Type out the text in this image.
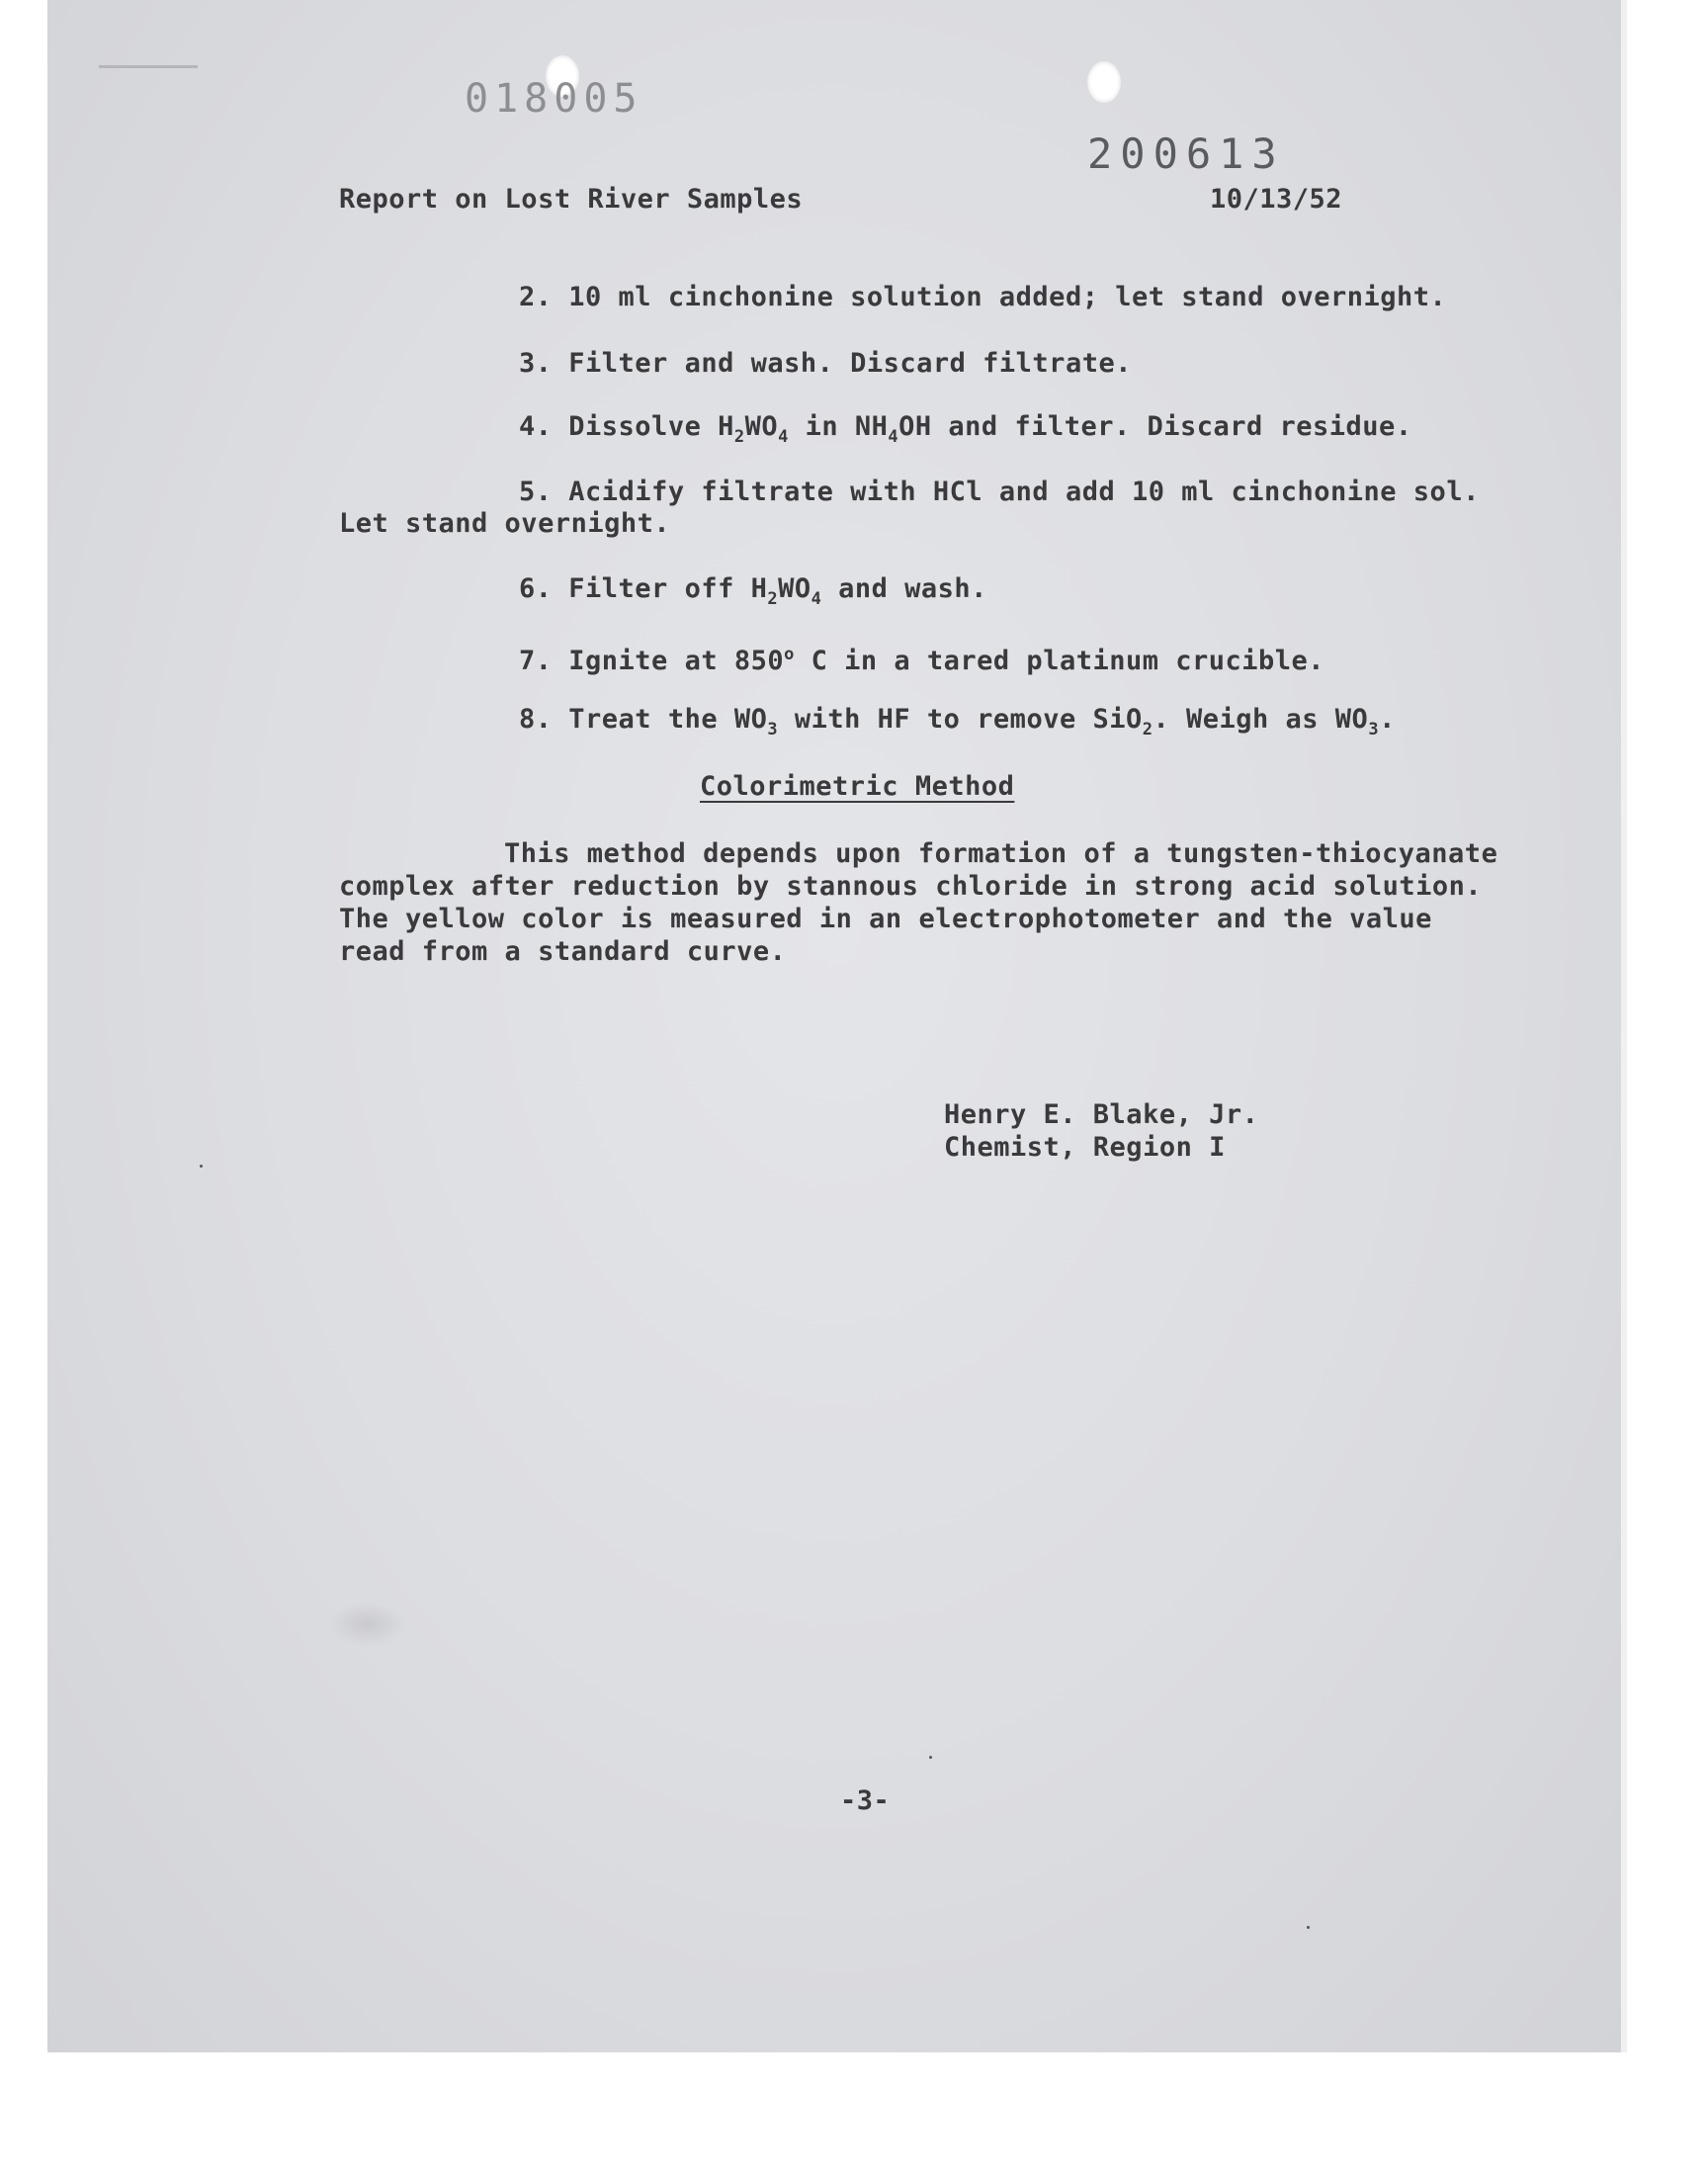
018005
200613
Report on Lost River Samples	10/13/52
2. 10 ml cinchonine solution added; let stand overnight.
3. Filter and wash. Discard filtrate.
4. Dissolve $H_2WO_4$ in $NH_4OH$ and filter. Discard residue.
5. Acidify filtrate with HCl and add 10 ml cinchonine sol.
Let stand overnight.
6. Filter off $H_2WO_4$ and wash.
7. Ignite at 850$^o$ C in a tared platinum crucible.
8. Treat the $WO_3$ with HF to remove SiO$_2$. Weigh as $WO_3$.
Colorimetric Method
This method depends upon formation of a tungsten-thiocyanate
complex after reduction by stannous chloride in strong acid solution.
The yellow color is measured in an electrophotometer and the value
read from a standard curve.
Henry E. Blake, Jr.
Chemist, Region I
-3-
